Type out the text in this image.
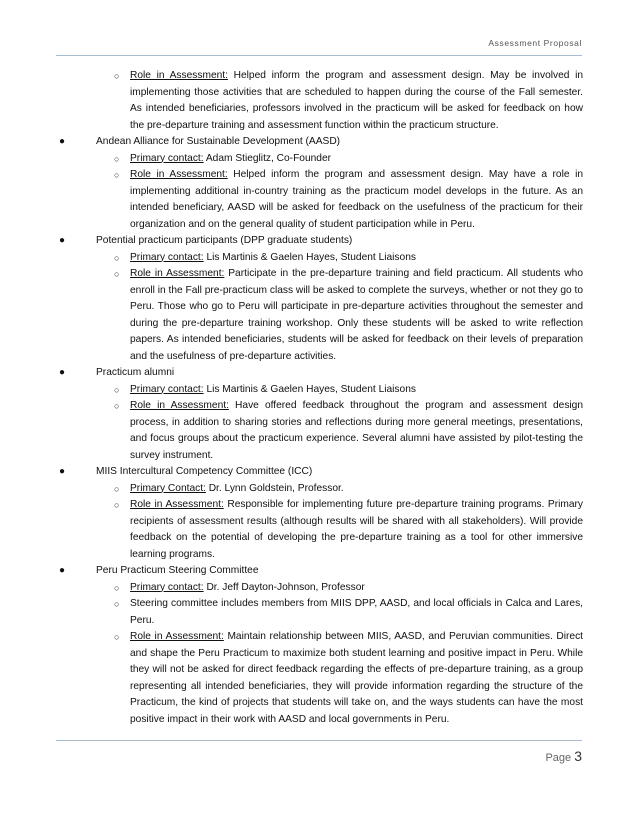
Assessment Proposal
○ Role in Assessment: Helped inform the program and assessment design. May be involved in implementing those activities that are scheduled to happen during the course of the Fall semester. As intended beneficiaries, professors involved in the practicum will be asked for feedback on how the pre-departure training and assessment function within the practicum structure.
●	Andean Alliance for Sustainable Development (AASD)
○ Primary contact: Adam Stieglitz, Co-Founder
○ Role in Assessment: Helped inform the program and assessment design. May have a role in implementing additional in-country training as the practicum model develops in the future. As an intended beneficiary, AASD will be asked for feedback on the usefulness of the practicum for their organization and on the general quality of student participation while in Peru.
●	Potential practicum participants (DPP graduate students)
○ Primary contact: Lis Martinis & Gaelen Hayes, Student Liaisons
○ Role in Assessment: Participate in the pre-departure training and field practicum. All students who enroll in the Fall pre-practicum class will be asked to complete the surveys, whether or not they go to Peru. Those who go to Peru will participate in pre-departure activities throughout the semester and during the pre-departure training workshop. Only these students will be asked to write reflection papers. As intended beneficiaries, students will be asked for feedback on their levels of preparation and the usefulness of pre-departure activities.
●	Practicum alumni
○ Primary contact: Lis Martinis & Gaelen Hayes, Student Liaisons
○ Role in Assessment: Have offered feedback throughout the program and assessment design process, in addition to sharing stories and reflections during more general meetings, presentations, and focus groups about the practicum experience. Several alumni have assisted by pilot-testing the survey instrument.
●	MIIS Intercultural Competency Committee (ICC)
○ Primary Contact: Dr. Lynn Goldstein, Professor.
○ Role in Assessment: Responsible for implementing future pre-departure training programs. Primary recipients of assessment results (although results will be shared with all stakeholders). Will provide feedback on the potential of developing the pre-departure training as a tool for other immersive learning programs.
●	Peru Practicum Steering Committee
○ Primary contact: Dr. Jeff Dayton-Johnson, Professor
○ Steering committee includes members from MIIS DPP, AASD, and local officials in Calca and Lares, Peru.
○ Role in Assessment: Maintain relationship between MIIS, AASD, and Peruvian communities. Direct and shape the Peru Practicum to maximize both student learning and positive impact in Peru. While they will not be asked for direct feedback regarding the effects of pre-departure training, as a group representing all intended beneficiaries, they will provide information regarding the structure of the Practicum, the kind of projects that students will take on, and the ways students can have the most positive impact in their work with AASD and local governments in Peru.
Page 3
